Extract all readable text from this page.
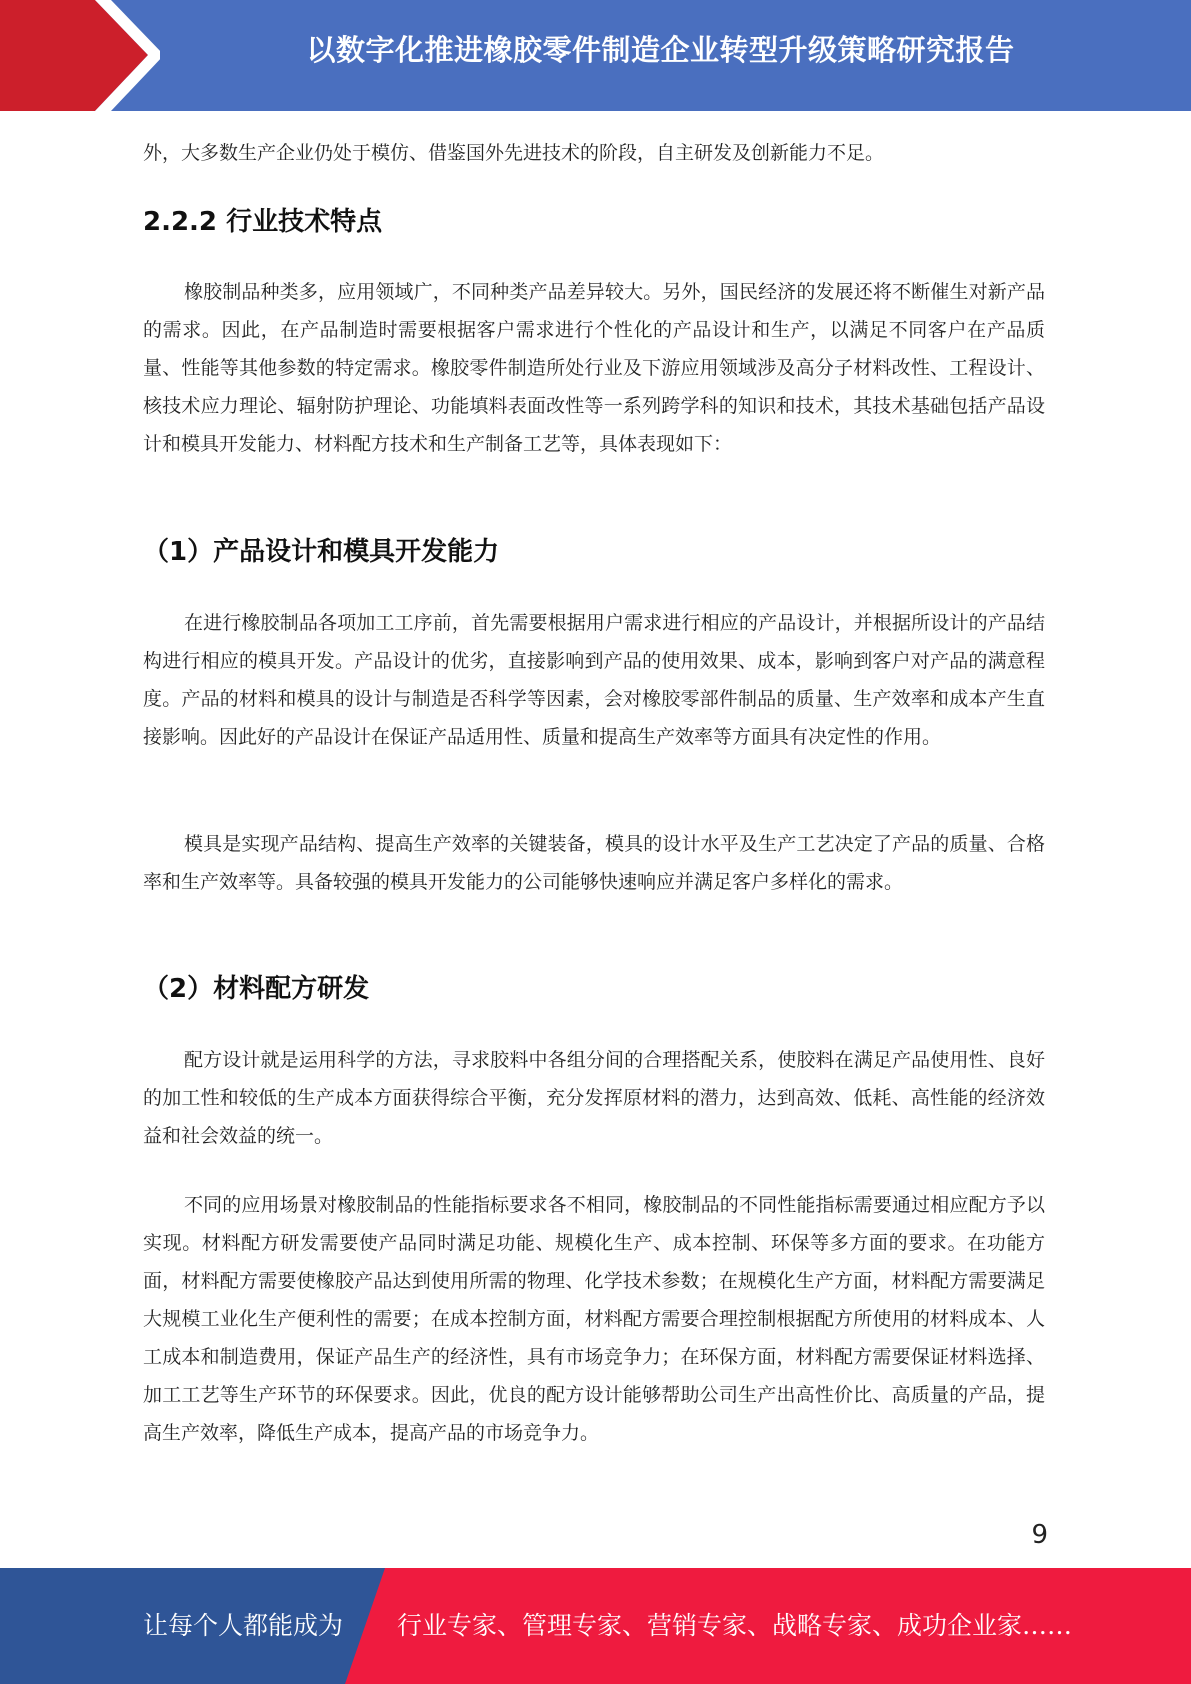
以数字化推进橡胶零件制造企业转型升级策略研究报告

外，大多数生产企业仍处于模仿、借鉴国外先进技术的阶段，自主研发及创新能力不足。

2.2.2 行业技术特点

橡胶制品种类多，应用领域广，不同种类产品差异较大。另外，国民经济的发展还将不断催生对新产品的需求。因此，在产品制造时需要根据客户需求进行个性化的产品设计和生产，以满足不同客户在产品质量、性能等其他参数的特定需求。橡胶零件制造所处行业及下游应用领域涉及高分子材料改性、工程设计、核技术应力理论、辐射防护理论、功能填料表面改性等一系列跨学科的知识和技术，其技术基础包括产品设计和模具开发能力、材料配方技术和生产制备工艺等，具体表现如下：

（1）产品设计和模具开发能力

在进行橡胶制品各项加工工序前，首先需要根据用户需求进行相应的产品设计，并根据所设计的产品结构进行相应的模具开发。产品设计的优劣，直接影响到产品的使用效果、成本，影响到客户对产品的满意程度。产品的材料和模具的设计与制造是否科学等因素，会对橡胶零部件制品的质量、生产效率和成本产生直接影响。因此好的产品设计在保证产品适用性、质量和提高生产效率等方面具有决定性的作用。

模具是实现产品结构、提高生产效率的关键装备，模具的设计水平及生产工艺决定了产品的质量、合格率和生产效率等。具备较强的模具开发能力的公司能够快速响应并满足客户多样化的需求。

（2）材料配方研发

配方设计就是运用科学的方法，寻求胶料中各组分间的合理搭配关系，使胶料在满足产品使用性、良好的加工性和较低的生产成本方面获得综合平衡，充分发挥原材料的潜力，达到高效、低耗、高性能的经济效益和社会效益的统一。

不同的应用场景对橡胶制品的性能指标要求各不相同，橡胶制品的不同性能指标需要通过相应配方予以实现。材料配方研发需要使产品同时满足功能、规模化生产、成本控制、环保等多方面的要求。在功能方面，材料配方需要使橡胶产品达到使用所需的物理、化学技术参数；在规模化生产方面，材料配方需要满足大规模工业化生产便利性的需要；在成本控制方面，材料配方需要合理控制根据配方所使用的材料成本、人工成本和制造费用，保证产品生产的经济性，具有市场竞争力；在环保方面，材料配方需要保证材料选择、加工工艺等生产环节的环保要求。因此，优良的配方设计能够帮助公司生产出高性价比、高质量的产品，提高生产效率，降低生产成本，提高产品的市场竞争力。

9
让每个人都能成为 行业专家、管理专家、营销专家、战略专家、成功企业家……
